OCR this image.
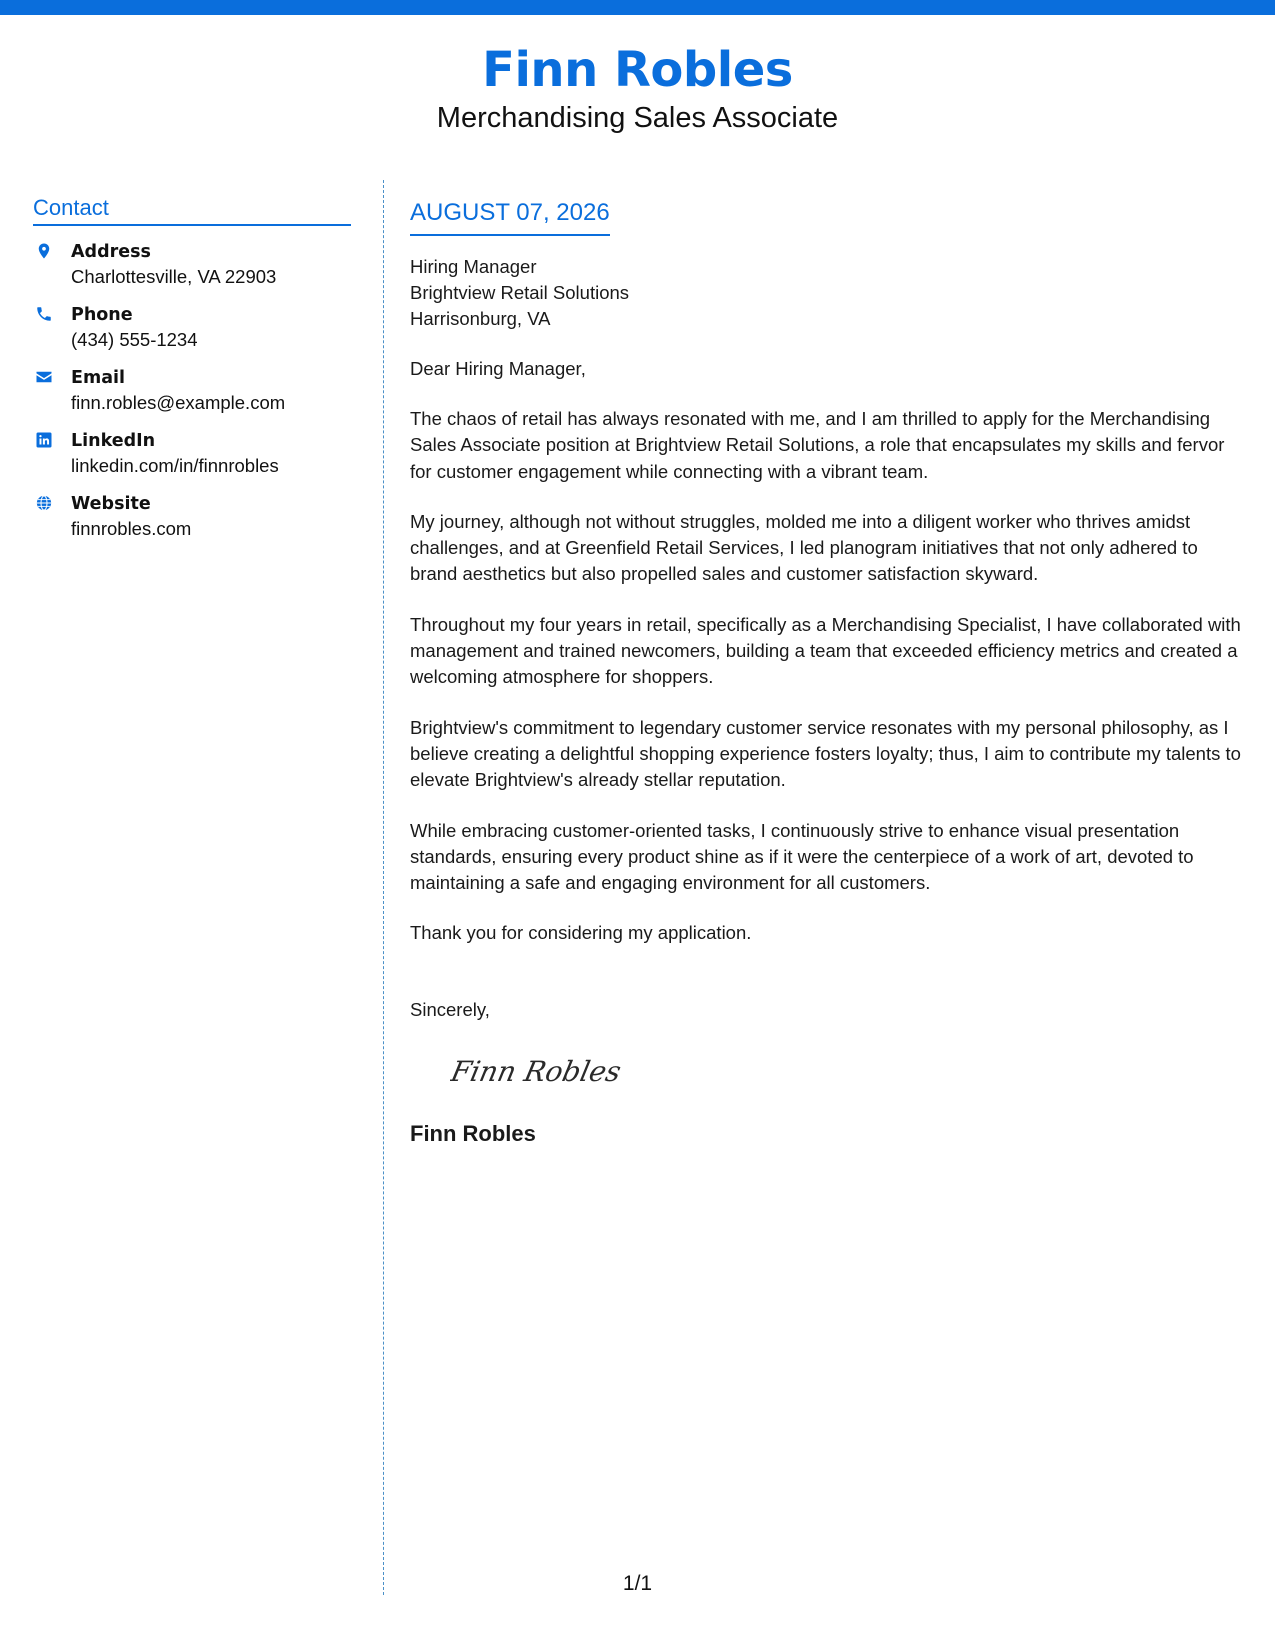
Finn Robles
Merchandising Sales Associate
Contact
Address
Charlottesville, VA 22903
Phone
(434) 555-1234
Email
finn.robles@example.com
LinkedIn
linkedin.com/in/finnrobles
Website
finnrobles.com
AUGUST 07, 2026
Hiring Manager
Brightview Retail Solutions
Harrisonburg, VA
Dear Hiring Manager,
The chaos of retail has always resonated with me, and I am thrilled to apply for the Merchandising Sales Associate position at Brightview Retail Solutions, a role that encapsulates my skills and fervor for customer engagement while connecting with a vibrant team.
My journey, although not without struggles, molded me into a diligent worker who thrives amidst challenges, and at Greenfield Retail Services, I led planogram initiatives that not only adhered to brand aesthetics but also propelled sales and customer satisfaction skyward.
Throughout my four years in retail, specifically as a Merchandising Specialist, I have collaborated with management and trained newcomers, building a team that exceeded efficiency metrics and created a welcoming atmosphere for shoppers.
Brightview's commitment to legendary customer service resonates with my personal philosophy, as I believe creating a delightful shopping experience fosters loyalty; thus, I aim to contribute my talents to elevate Brightview's already stellar reputation.
While embracing customer-oriented tasks, I continuously strive to enhance visual presentation standards, ensuring every product shine as if it were the centerpiece of a work of art, devoted to maintaining a safe and engaging environment for all customers.
Thank you for considering my application.
Sincerely,
Finn Robles
Finn Robles
1/1
